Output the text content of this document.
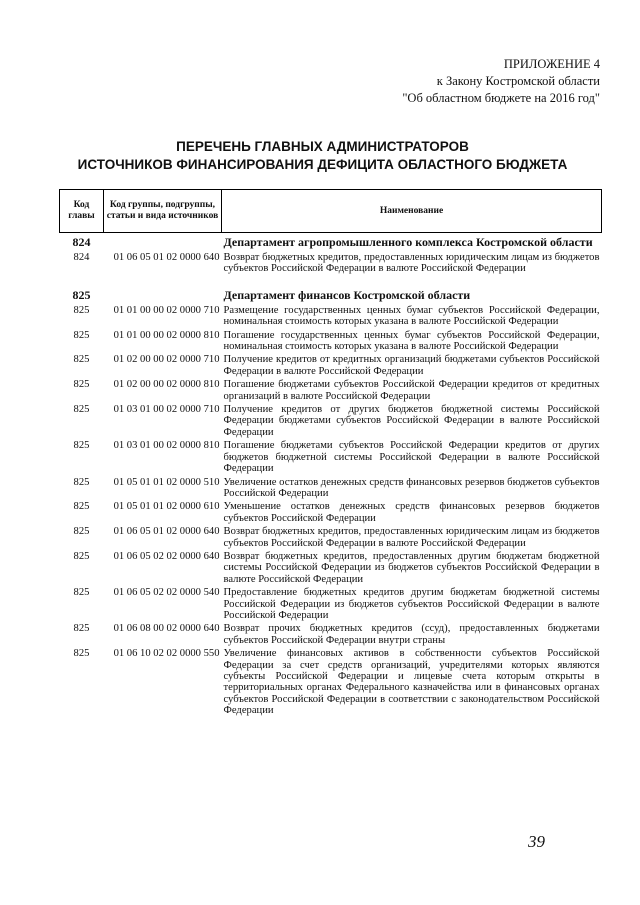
ПРИЛОЖЕНИЕ 4
к Закону Костромской области
"Об областном бюджете на 2016 год"
ПЕРЕЧЕНЬ ГЛАВНЫХ АДМИНИСТРАТОРОВ
ИСТОЧНИКОВ ФИНАНСИРОВАНИЯ ДЕФИЦИТА ОБЛАСТНОГО БЮДЖЕТА
Код главы	Код группы, подгруппы, статьи и вида источников	Наименование
824		Департамент агропромышленного комплекса Костромской области
824	01 06 05 01 02 0000 640	Возврат бюджетных кредитов, предоставленных юридическим лицам из бюджетов субъектов Российской Федерации в валюте Российской Федерации

825		Департамент финансов Костромской области
825	01 01 00 00 02 0000 710	Размещение государственных ценных бумаг субъектов Российской Федерации, номинальная стоимость которых указана в валюте Российской Федерации
825	01 01 00 00 02 0000 810	Погашение государственных ценных бумаг субъектов Российской Федерации, номинальная стоимость которых указана в валюте Российской Федерации
825	01 02 00 00 02 0000 710	Получение кредитов от кредитных организаций бюджетами субъектов Российской Федерации в валюте Российской Федерации
825	01 02 00 00 02 0000 810	Погашение бюджетами субъектов Российской Федерации кредитов от кредитных организаций в валюте Российской Федерации
825	01 03 01 00 02 0000 710	Получение кредитов от других бюджетов бюджетной системы Российской Федерации бюджетами субъектов Российской Федерации в валюте Российской Федерации
825	01 03 01 00 02 0000 810	Погашение бюджетами субъектов Российской Федерации кредитов от других бюджетов бюджетной системы Российской Федерации в валюте Российской Федерации
825	01 05 01 01 02 0000 510	Увеличение остатков денежных средств финансовых резервов бюджетов субъектов Российской Федерации
825	01 05 01 01 02 0000 610	Уменьшение остатков денежных средств финансовых резервов бюджетов субъектов Российской Федерации
825	01 06 05 01 02 0000 640	Возврат бюджетных кредитов, предоставленных юридическим лицам из бюджетов субъектов Российской Федерации в валюте Российской Федерации
825	01 06 05 02 02 0000 640	Возврат бюджетных кредитов, предоставленных другим бюджетам бюджетной системы Российской Федерации из бюджетов субъектов Российской Федерации в валюте Российской Федерации
825	01 06 05 02 02 0000 540	Предоставление бюджетных кредитов другим бюджетам бюджетной системы Российской Федерации из бюджетов субъектов Российской Федерации в валюте Российской Федерации
825	01 06 08 00 02 0000 640	Возврат прочих бюджетных кредитов (ссуд), предоставленных бюджетами субъектов Российской Федерации внутри страны
825	01 06 10 02 02 0000 550	Увеличение финансовых активов в собственности субъектов Российской Федерации за счет средств организаций, учредителями которых являются субъекты Российской Федерации и лицевые счета которым открыты в территориальных органах Федерального казначейства или в финансовых органах субъектов Российской Федерации в соответствии с законодательством Российской Федерации
39
